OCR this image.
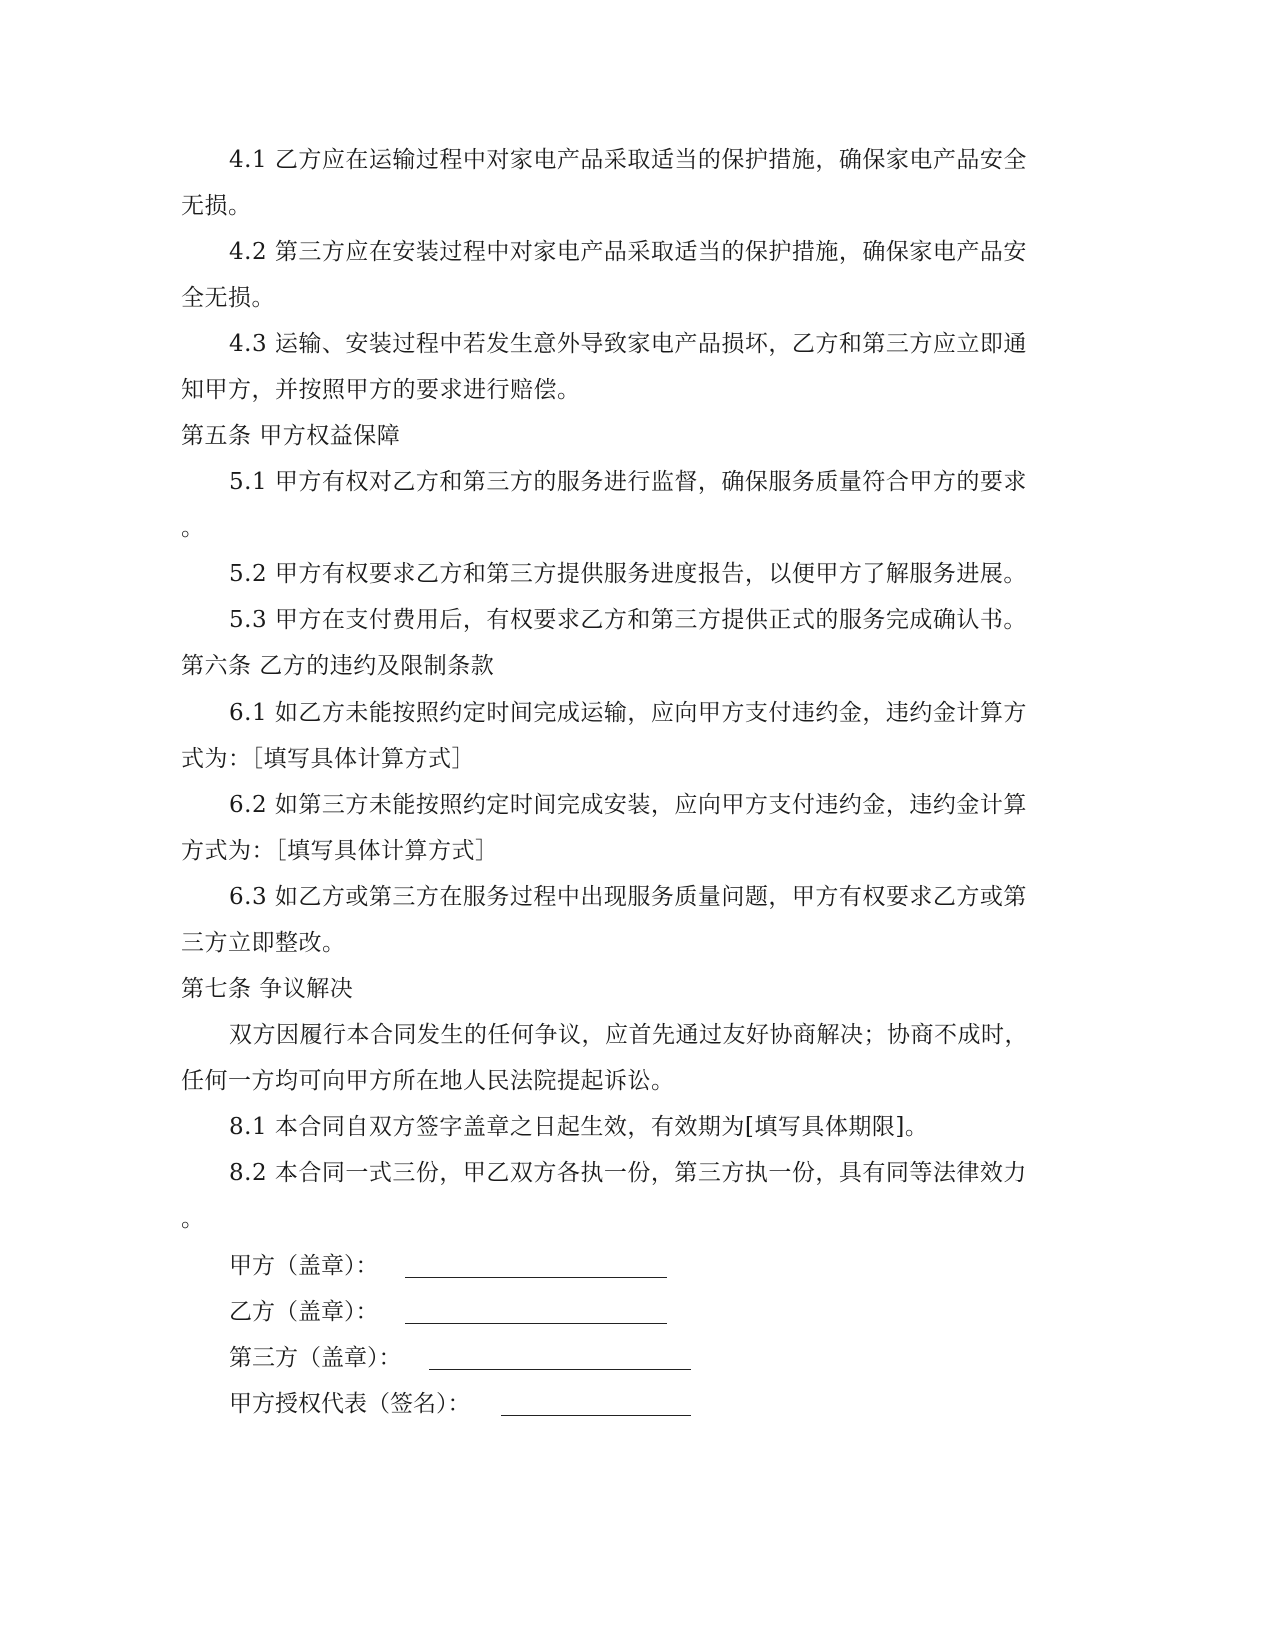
4.1 乙方应在运输过程中对家电产品采取适当的保护措施，确保家电产品安全
无损。
4.2 第三方应在安装过程中对家电产品采取适当的保护措施，确保家电产品安
全无损。
4.3 运输、安装过程中若发生意外导致家电产品损坏，乙方和第三方应立即通
知甲方，并按照甲方的要求进行赔偿。
第五条 甲方权益保障
5.1 甲方有权对乙方和第三方的服务进行监督，确保服务质量符合甲方的要求
。
5.2 甲方有权要求乙方和第三方提供服务进度报告，以便甲方了解服务进展。
5.3 甲方在支付费用后，有权要求乙方和第三方提供正式的服务完成确认书。
第六条 乙方的违约及限制条款
6.1 如乙方未能按照约定时间完成运输，应向甲方支付违约金，违约金计算方
式为：［填写具体计算方式］
6.2 如第三方未能按照约定时间完成安装，应向甲方支付违约金，违约金计算
方式为：［填写具体计算方式］
6.3 如乙方或第三方在服务过程中出现服务质量问题，甲方有权要求乙方或第
三方立即整改。
第七条 争议解决
双方因履行本合同发生的任何争议，应首先通过友好协商解决；协商不成时，
任何一方均可向甲方所在地人民法院提起诉讼。
8.1 本合同自双方签字盖章之日起生效，有效期为[填写具体期限]。
8.2 本合同一式三份，甲乙双方各执一份，第三方执一份，具有同等法律效力
。
甲方（盖章）：
乙方（盖章）：
第三方（盖章）：
甲方授权代表（签名）：
